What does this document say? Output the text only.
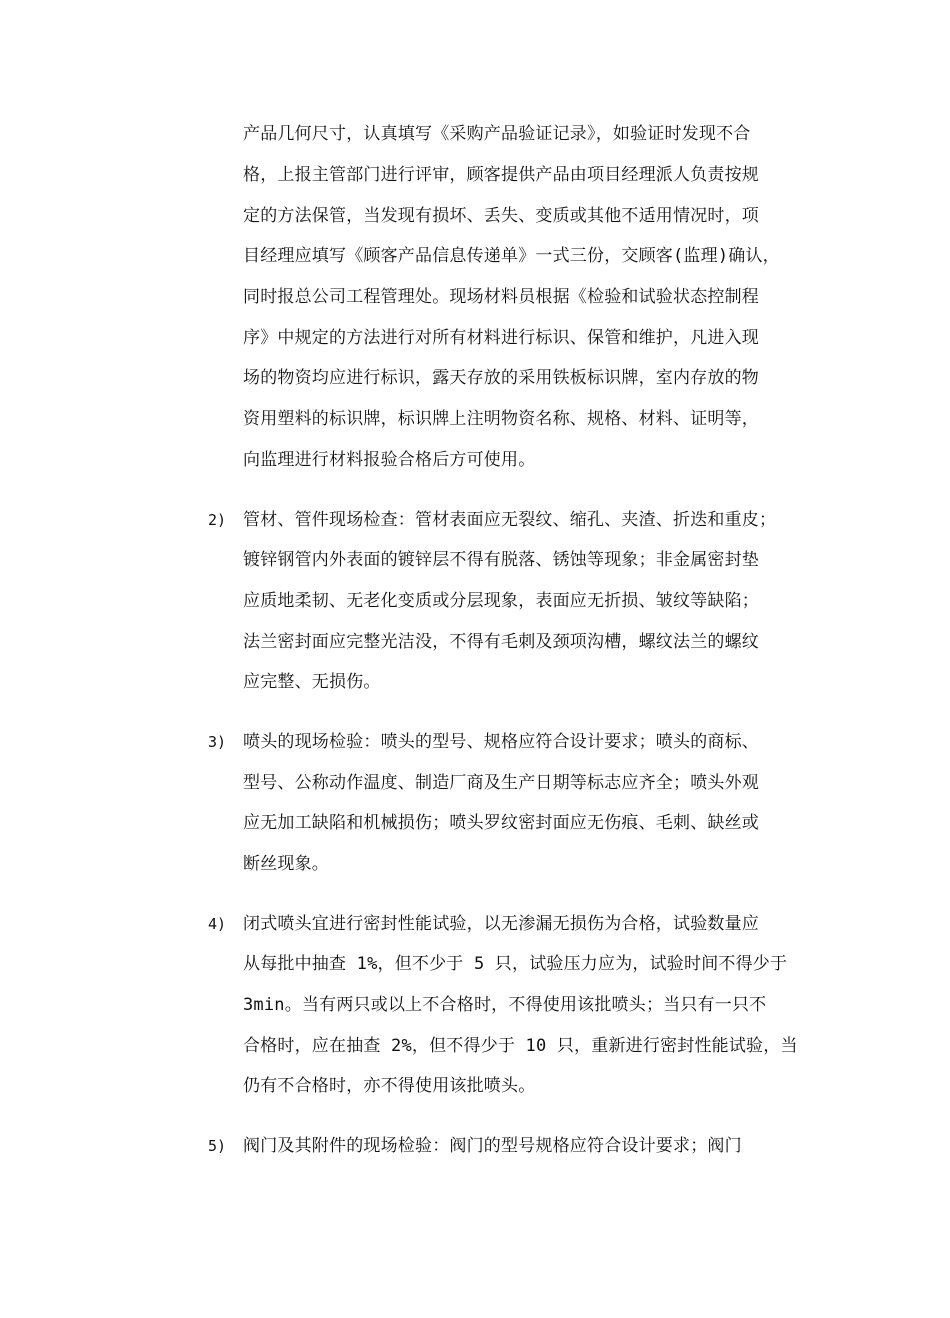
产品几何尺寸，认真填写《采购产品验证记录》，如验证时发现不合
格，上报主管部门进行评审，顾客提供产品由项目经理派人负责按规
定的方法保管，当发现有损坏、丢失、变质或其他不适用情况时，项
目经理应填写《顾客产品信息传递单》一式三份，交顾客(监理)确认，
同时报总公司工程管理处。现场材料员根据《检验和试验状态控制程
序》中规定的方法进行对所有材料进行标识、保管和维护，凡进入现
场的物资均应进行标识，露天存放的采用铁板标识牌，室内存放的物
资用塑料的标识牌，标识牌上注明物资名称、规格、材料、证明等，
向监理进行材料报验合格后方可使用。
2) 管材、管件现场检查：管材表面应无裂纹、缩孔、夹渣、折迭和重皮；
镀锌钢管内外表面的镀锌层不得有脱落、锈蚀等现象；非金属密封垫
应质地柔韧、无老化变质或分层现象，表面应无折损、皱纹等缺陷；
法兰密封面应完整光洁没，不得有毛刺及颈项沟槽，螺纹法兰的螺纹
应完整、无损伤。
3) 喷头的现场检验：喷头的型号、规格应符合设计要求；喷头的商标、
型号、公称动作温度、制造厂商及生产日期等标志应齐全；喷头外观
应无加工缺陷和机械损伤；喷头罗纹密封面应无伤痕、毛刺、缺丝或
断丝现象。
4) 闭式喷头宜进行密封性能试验，以无渗漏无损伤为合格，试验数量应
从每批中抽查 1%，但不少于 5 只，试验压力应为，试验时间不得少于
3min。当有两只或以上不合格时，不得使用该批喷头；当只有一只不
合格时，应在抽查 2%，但不得少于 10 只，重新进行密封性能试验，当
仍有不合格时，亦不得使用该批喷头。
5) 阀门及其附件的现场检验：阀门的型号规格应符合设计要求；阀门
